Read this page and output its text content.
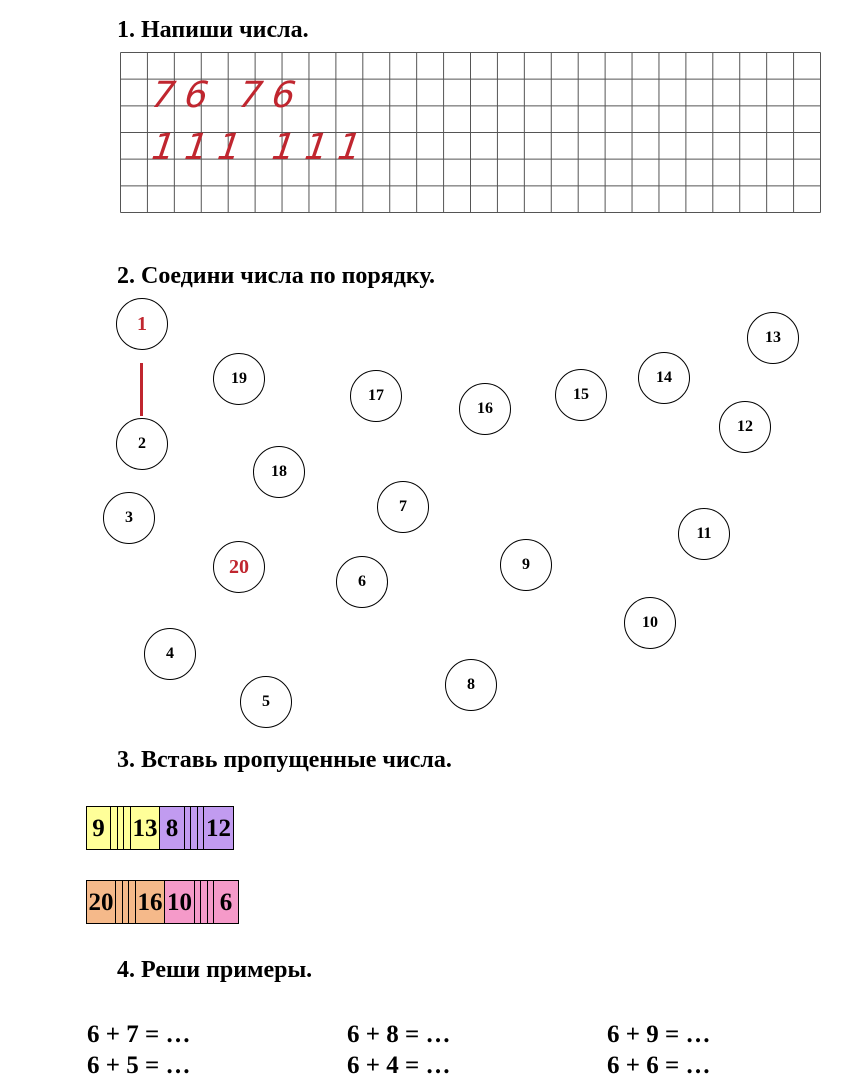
1. Напиши числа.
76 76
111 111
2. Соедини числа по порядку.
1
2
3
4
5
6
7
8
9
10
11
12
13
14
15
16
17
18
19
20
3. Вставь пропущенные числа.
9 13 8 12
20 16 10 6
4. Реши примеры.
6 + 7 = …
6 + 5 = …
6 + 8 = …
6 + 4 = …
6 + 9 = …
6 + 6 = …
